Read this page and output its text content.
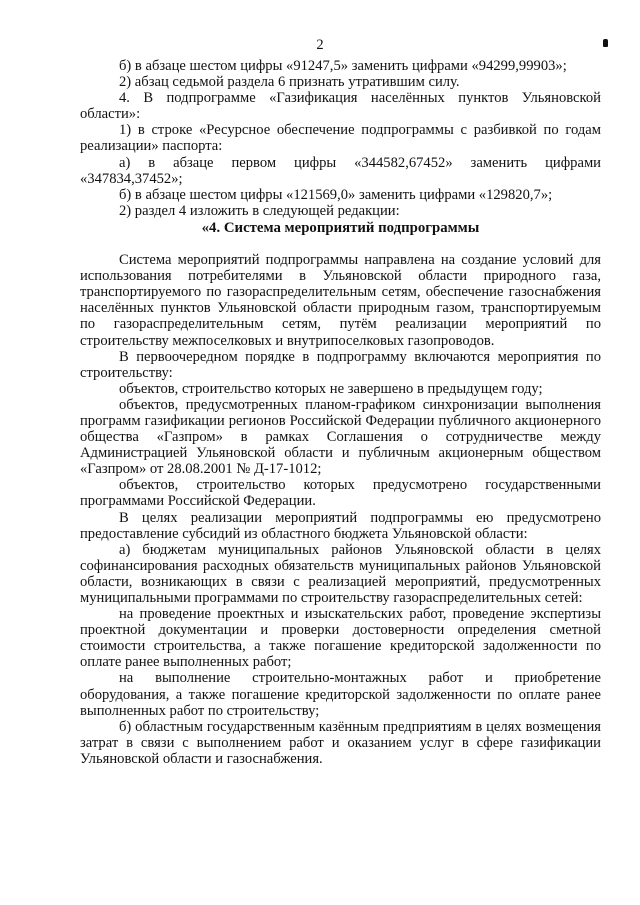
2

б) в абзаце шестом цифры «91247,5» заменить цифрами «94299,99903»;

2) абзац седьмой раздела 6 признать утратившим силу.

4. В подпрограмме «Газификация населённых пунктов Ульяновской области»:

1) в строке «Ресурсное обеспечение подпрограммы с разбивкой по годам реализации» паспорта:

а) в абзаце первом цифры «344582,67452» заменить цифрами «347834,37452»;

б) в абзаце шестом цифры «121569,0» заменить цифрами «129820,7»;

2) раздел 4 изложить в следующей редакции:

«4. Система мероприятий подпрограммы

Система мероприятий подпрограммы направлена на создание условий для использования потребителями в Ульяновской области природного газа, транспортируемого по газораспределительным сетям, обеспечение газоснабжения населённых пунктов Ульяновской области природным газом, транспортируемым по газораспределительным сетям, путём реализации мероприятий по строительству межпоселковых и внутрипоселковых газопроводов.

В первоочередном порядке в подпрограмму включаются мероприятия по строительству:

объектов, строительство которых не завершено в предыдущем году;

объектов, предусмотренных планом-графиком синхронизации выполнения программ газификации регионов Российской Федерации публичного акционерного общества «Газпром» в рамках Соглашения о сотрудничестве между Администрацией Ульяновской области и публичным акционерным обществом «Газпром» от 28.08.2001 № Д-17-1012;

объектов, строительство которых предусмотрено государственными программами Российской Федерации.

В целях реализации мероприятий подпрограммы ею предусмотрено предоставление субсидий из областного бюджета Ульяновской области:

а) бюджетам муниципальных районов Ульяновской области в целях софинансирования расходных обязательств муниципальных районов Ульяновской области, возникающих в связи с реализацией мероприятий, предусмотренных муниципальными программами по строительству газораспределительных сетей:

на проведение проектных и изыскательских работ, проведение экспертизы проектной документации и проверки достоверности определения сметной стоимости строительства, а также погашение кредиторской задолженности по оплате ранее выполненных работ;

на выполнение строительно-монтажных работ и приобретение оборудования, а также погашение кредиторской задолженности по оплате ранее выполненных работ по строительству;

б) областным государственным казённым предприятиям в целях возмещения затрат в связи с выполнением работ и оказанием услуг в сфере газификации Ульяновской области и газоснабжения.
